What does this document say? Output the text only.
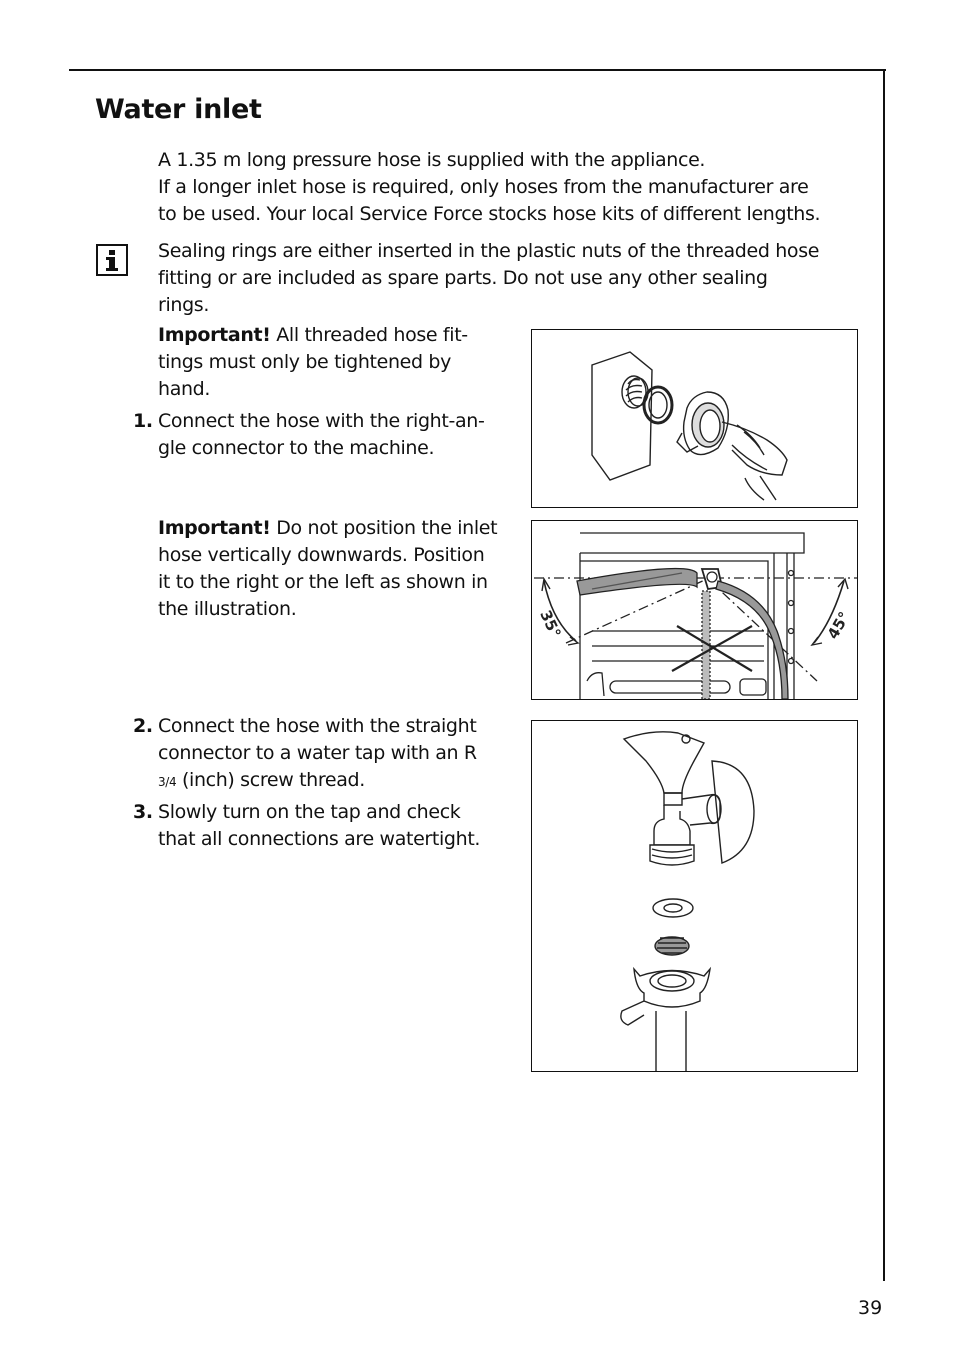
Water inlet

A 1.35 m long pressure hose is supplied with the appliance.
If a longer inlet hose is required, only hoses from the manufacturer are
to be used. Your local Service Force stocks hose kits of different lengths.

Sealing rings are either inserted in the plastic nuts of the threaded hose
fitting or are included as spare parts. Do not use any other sealing
rings.

Important! All threaded hose fit-
tings must only be tightened by
hand.

1. Connect the hose with the right-an-
gle connector to the machine.

Important! Do not position the inlet
hose vertically downwards. Position
it to the right or the left as shown in
the illustration.

2. Connect the hose with the straight
connector to a water tap with an R
3/4 (inch) screw thread.
3. Slowly turn on the tap and check
that all connections are watertight.
35°	45°
39
